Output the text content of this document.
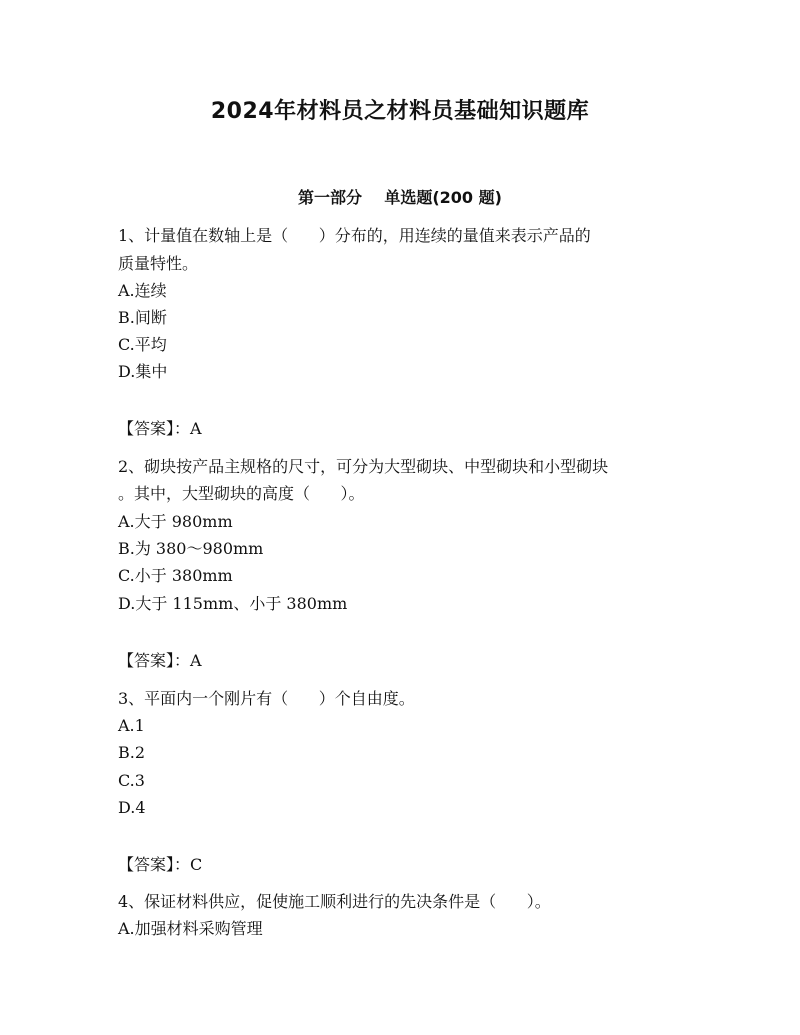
2024年材料员之材料员基础知识题库
第一部分    单选题(200 题)
1、计量值在数轴上是（      ）分布的，用连续的量值来表示产品的
质量特性。
A.连续
B.间断
C.平均
D.集中
【答案】：A
2、砌块按产品主规格的尺寸，可分为大型砌块、中型砌块和小型砌块
。其中，大型砌块的高度（      ）。
A.大于 980mm
B.为 380～980mm
C.小于 380mm
D.大于 115mm、小于 380mm
【答案】：A
3、平面内一个刚片有（      ）个自由度。
A.1
B.2
C.3
D.4
【答案】：C
4、保证材料供应，促使施工顺利进行的先决条件是（      ）。
A.加强材料采购管理
